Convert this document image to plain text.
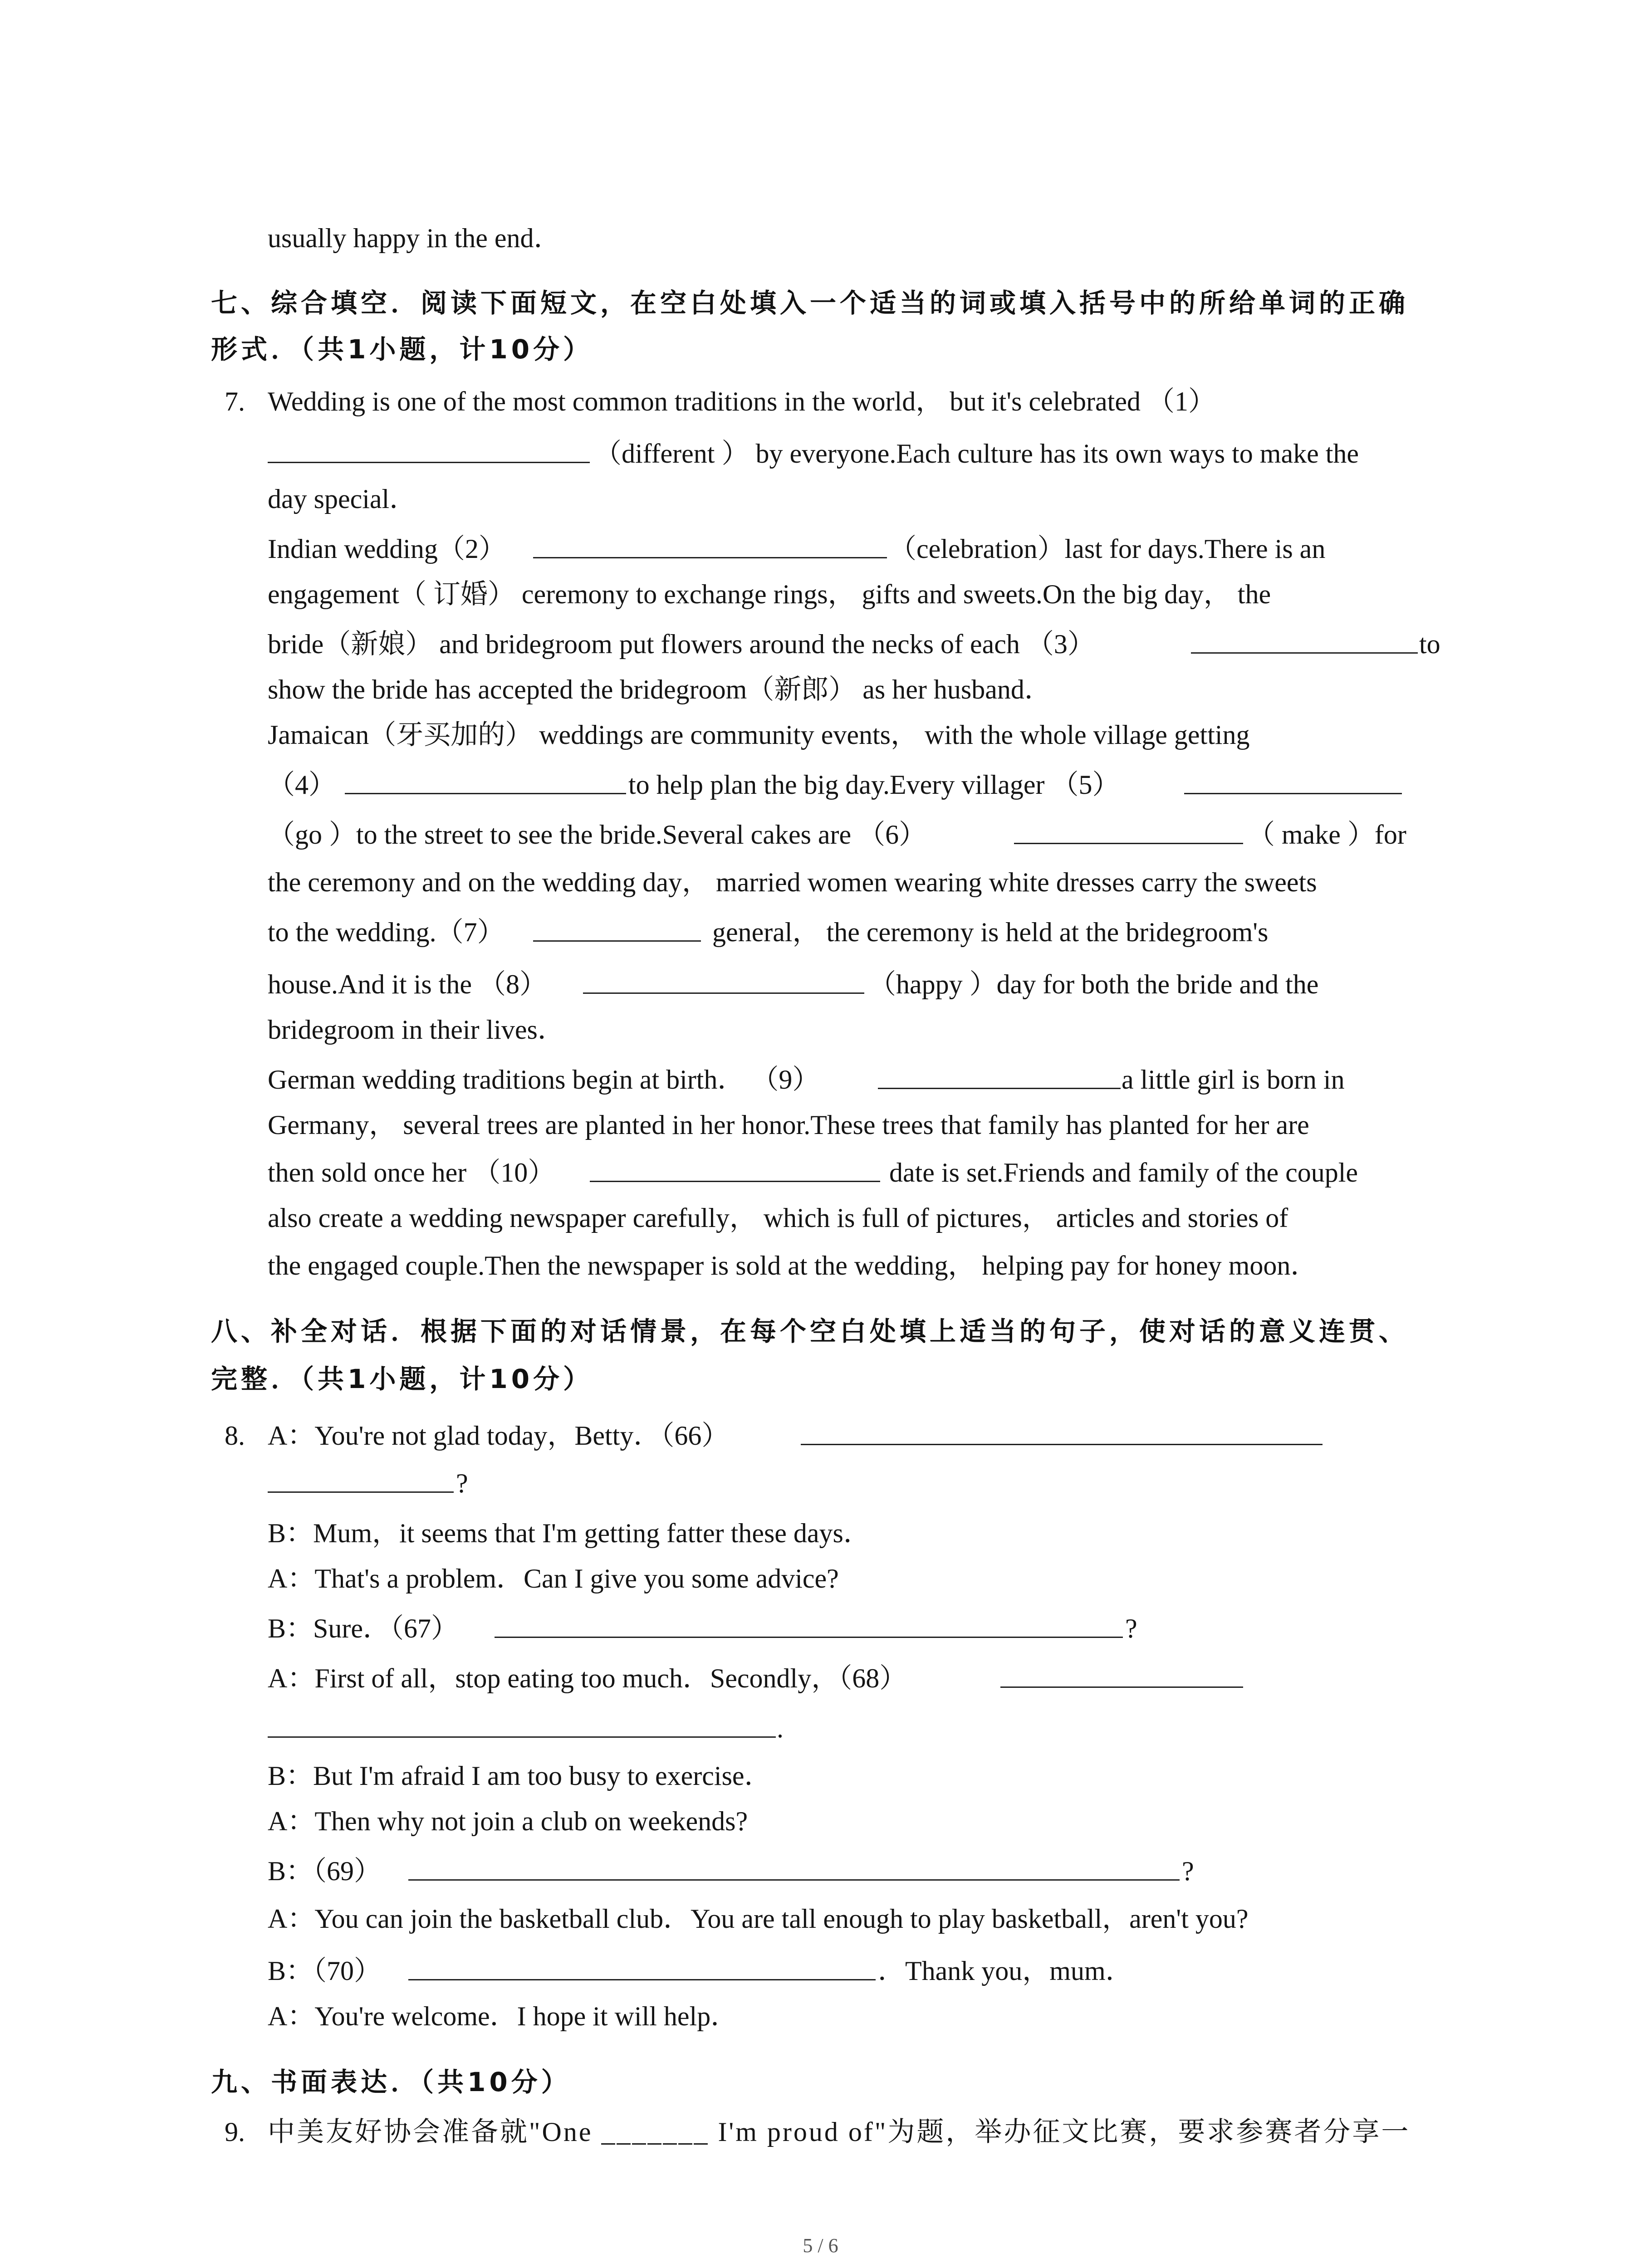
usually happy in the end．

七、综合填空．阅读下面短文，在空白处填入一个适当的词或填入括号中的所给单词的正确

形式．（共1小题，计10分）

7.

Wedding is one of the most common traditions in the world， but it's celebrated （1）

（different ） by everyone.Each culture has its own ways to make the

day special．

Indian wedding（2）

	（celebration）last for days.There is an

engagement（ 订婚） ceremony to exchange rings， gifts and sweets.On the big day， the

bride（新娘） and bridegroom put flowers around the necks of each （3）

	to

show the bride has accepted the bridegroom（新郎） as her husband．

Jamaican（牙买加的） weddings are community events， with the whole village getting

（4）

	to help plan the big day.Every villager （5）

（go ）to the street to see the bride.Several cakes are （6）

	（ make ）for

the ceremony and on the wedding day， married women wearing white dresses carry the sweets

to the wedding.（7）

	general， the ceremony is held at the bridegroom's

house.And it is the （8）

	（happy ）day for both the bride and the

bridegroom in their lives．

German wedding traditions begin at birth． （9）

	a little girl is born in

Germany， several trees are planted in her honor.These trees that family has planted for her are

then sold once her （10）

	date is set.Friends and family of the couple

also create a wedding newspaper carefully， which is full of pictures， articles and stories of

the engaged couple.Then the newspaper is sold at the wedding， helping pay for honey moon．

八、补全对话．根据下面的对话情景，在每个空白处填上适当的句子，使对话的意义连贯、

完整．（共1小题，计10分）

8.

A：You're not glad today，Betty．（66）

?

B：Mum，it seems that I'm getting fatter these days．

A：That's a problem．Can I give you some advice?

B：Sure．（67）

	?

A：First of all，stop eating too much．Secondly，（68）

.

B：But I'm afraid I am too busy to exercise．

A：Then why not join a club on weekends?

B：（69）

	?

A：You can join the basketball club．You are tall enough to play basketball，aren't you?

B：（70）

	．Thank you，mum．

A：You're welcome．I hope it will help．

九、书面表达．（共10分）

9.

中美友好协会准备就"One _______ I'm proud of"为题，举办征文比赛，要求参赛者分享一

5 / 6
